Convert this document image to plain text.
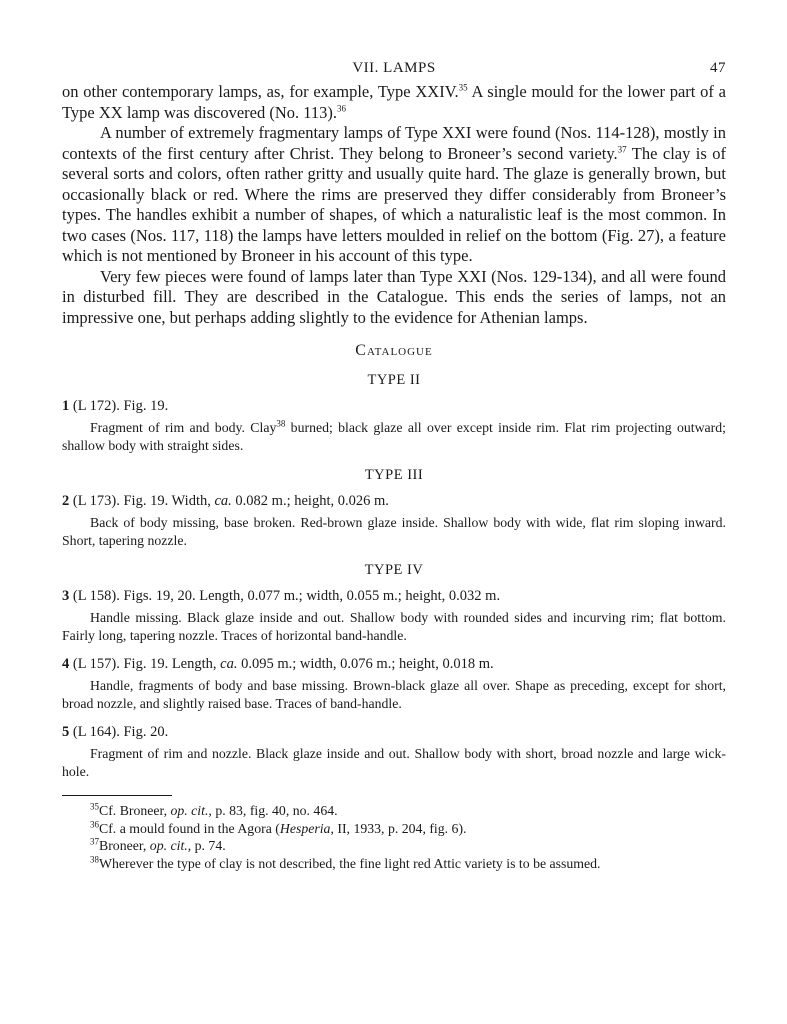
VII. LAMPS	47

on other contemporary lamps, as, for example, Type XXIV.$^{35}$ A single mould for the lower part of a Type XX lamp was discovered (No. 113).$^{36}$

A number of extremely fragmentary lamps of Type XXI were found (Nos. 114-128), mostly in contexts of the first century after Christ. They belong to Broneer’s second variety.$^{37}$ The clay is of several sorts and colors, often rather gritty and usually quite hard. The glaze is generally brown, but occasionally black or red. Where the rims are preserved they differ considerably from Broneer’s types. The handles exhibit a number of shapes, of which a naturalistic leaf is the most common. In two cases (Nos. 117, 118) the lamps have letters moulded in relief on the bottom (Fig. 27), a feature which is not mentioned by Broneer in his account of this type.

Very few pieces were found of lamps later than Type XXI (Nos. 129-134), and all were found in disturbed fill. They are described in the Catalogue. This ends the series of lamps, not an impressive one, but perhaps adding slightly to the evidence for Athenian lamps.

Catalogue
TYPE II
1 (L 172). Fig. 19.

Fragment of rim and body. Clay$^{38}$ burned; black glaze all over except inside rim. Flat rim projecting outward; shallow body with straight sides.

TYPE III
2 (L 173). Fig. 19. Width, ca. 0.082 m.; height, 0.026 m.

Back of body missing, base broken. Red-brown glaze inside. Shallow body with wide, flat rim sloping inward. Short, tapering nozzle.

TYPE IV
3 (L 158). Figs. 19, 20. Length, 0.077 m.; width, 0.055 m.; height, 0.032 m.

Handle missing. Black glaze inside and out. Shallow body with rounded sides and incurving rim; flat bottom. Fairly long, tapering nozzle. Traces of horizontal band-handle.

4 (L 157). Fig. 19. Length, ca. 0.095 m.; width, 0.076 m.; height, 0.018 m.

Handle, fragments of body and base missing. Brown-black glaze all over. Shape as preceding, except for short, broad nozzle, and slightly raised base. Traces of band-handle.

5 (L 164). Fig. 20.

Fragment of rim and nozzle. Black glaze inside and out. Shallow body with short, broad nozzle and large wick-hole.

$^{35}$Cf. Broneer, op. cit., p. 83, fig. 40, no. 464.
$^{36}$Cf. a mould found in the Agora (Hesperia, II, 1933, p. 204, fig. 6).
$^{37}$Broneer, op. cit., p. 74.
$^{38}$Wherever the type of clay is not described, the fine light red Attic variety is to be assumed.
